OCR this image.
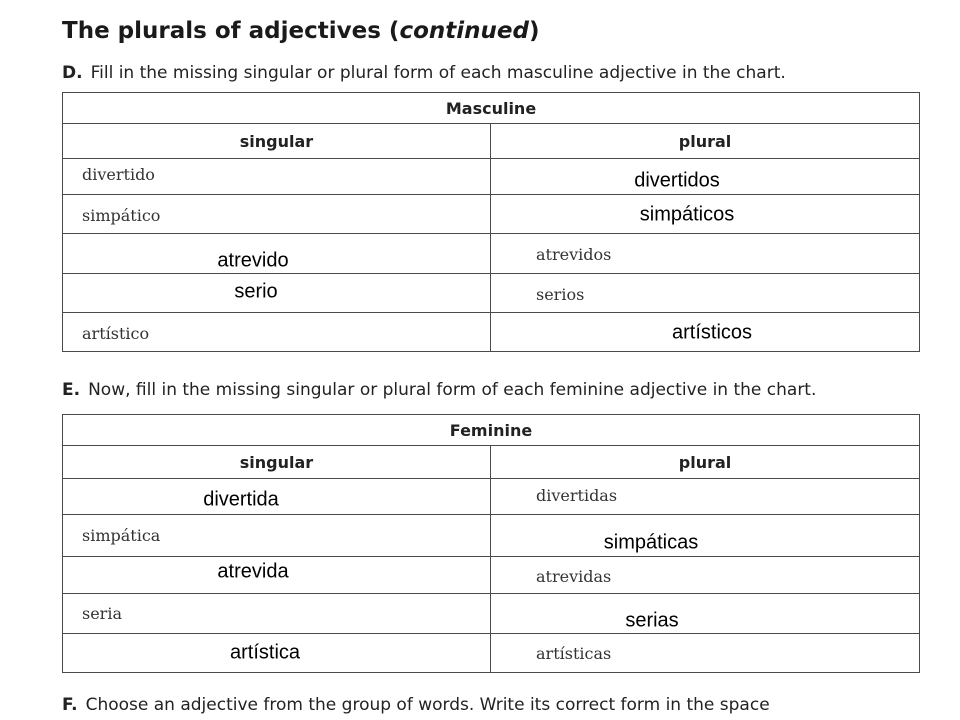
The plurals of adjectives (continued)
D. Fill in the missing singular or plural form of each masculine adjective in the chart.
Masculine	
singular	plural

divertido	divertidos

simpático	simpáticos

atrevido	atrevidos

serio	serios

artístico	artísticos
E. Now, fill in the missing singular or plural form of each feminine adjective in the chart.
Feminine	
singular	plural

divertida	divertidas

simpática	simpáticas

atrevida	atrevidas

seria	serias

artística	artísticas
F. Choose an adjective from the group of words. Write its correct form in the space
